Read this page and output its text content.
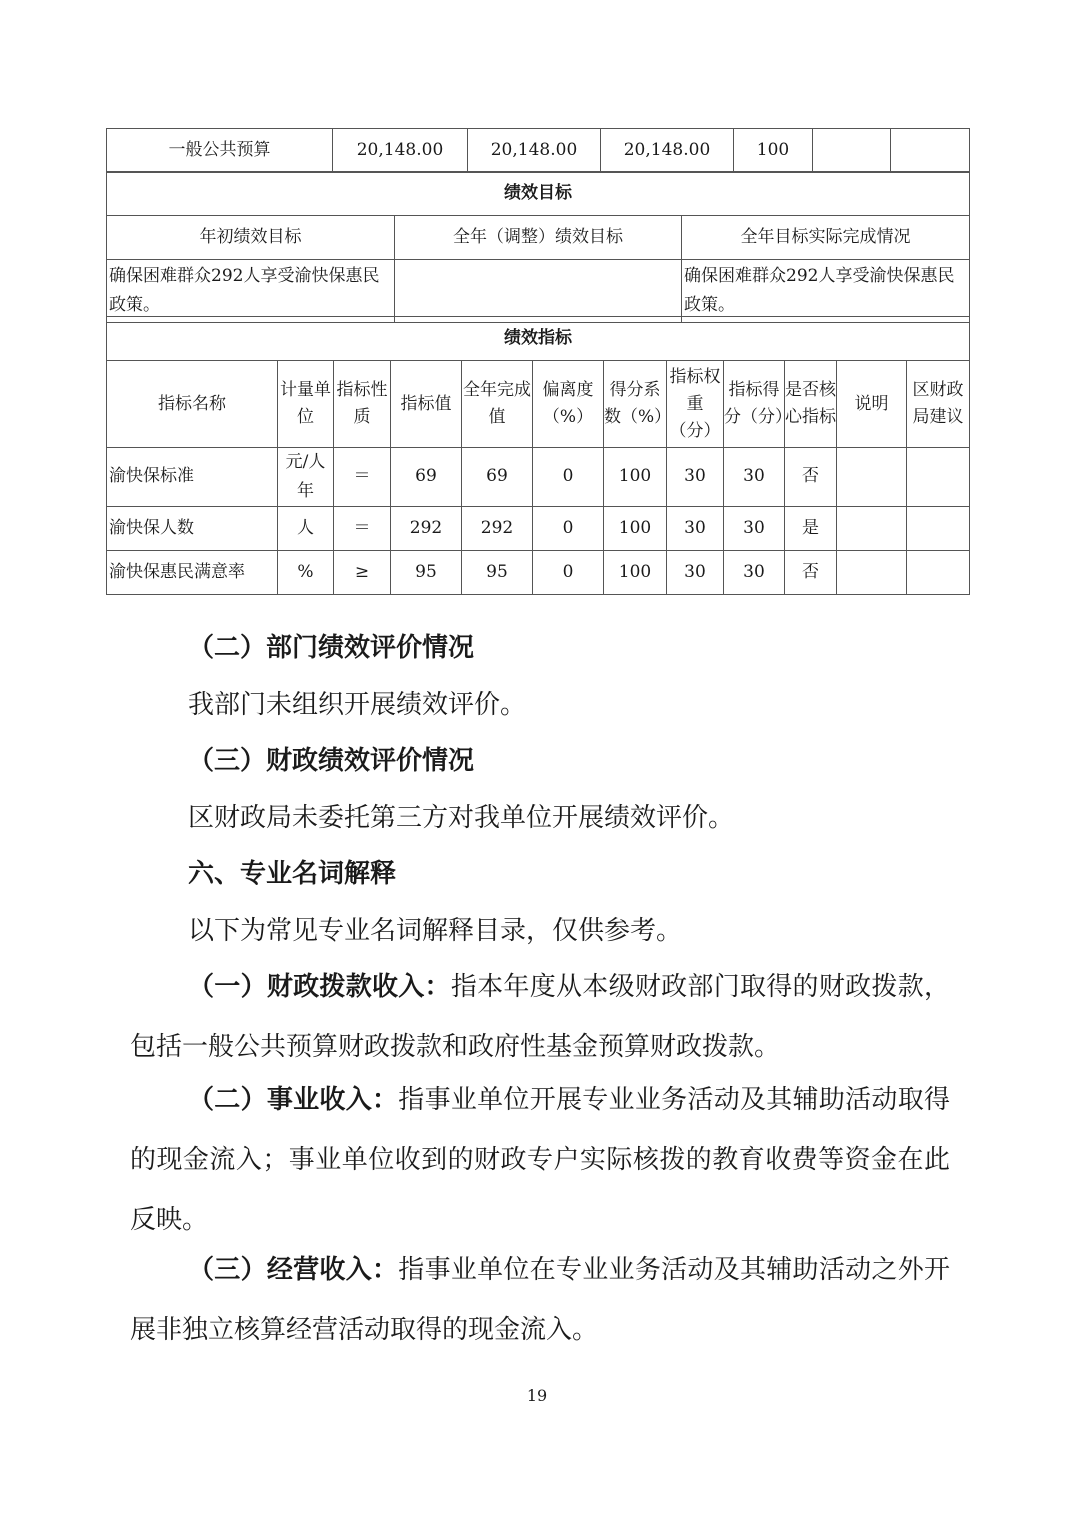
一般公共预算	20,148.00	20,148.00	20,148.00	100		
绩效目标		
年初绩效目标	全年（调整）绩效目标	全年目标实际完成情况
确保困难群众292人享受渝快保惠民政策。		确保困难群众292人享受渝快保惠民政策。
绩效指标											
指标名称	计量单位	指标性质	指标值	全年完成值	偏离度（%）	得分系数（%）	指标权重（分）	指标得分（分）	是否核心指标	说明	区财政局建议
渝快保标准	元/人年	＝	69	69	0	100	30	30	否		
渝快保人数	人	＝	292	292	0	100	30	30	是		
渝快保惠民满意率	%	≥	95	95	0	100	30	30	否		

（二）部门绩效评价情况

我部门未组织开展绩效评价。

（三）财政绩效评价情况

区财政局未委托第三方对我单位开展绩效评价。

六、专业名词解释

以下为常见专业名词解释目录，仅供参考。

（一）财政拨款收入：指本年度从本级财政部门取得的财政拨款，包括一般公共预算财政拨款和政府性基金预算财政拨款。

（二）事业收入：指事业单位开展专业业务活动及其辅助活动取得的现金流入；事业单位收到的财政专户实际核拨的教育收费等资金在此反映。

（三）经营收入：指事业单位在专业业务活动及其辅助活动之外开展非独立核算经营活动取得的现金流入。

19
